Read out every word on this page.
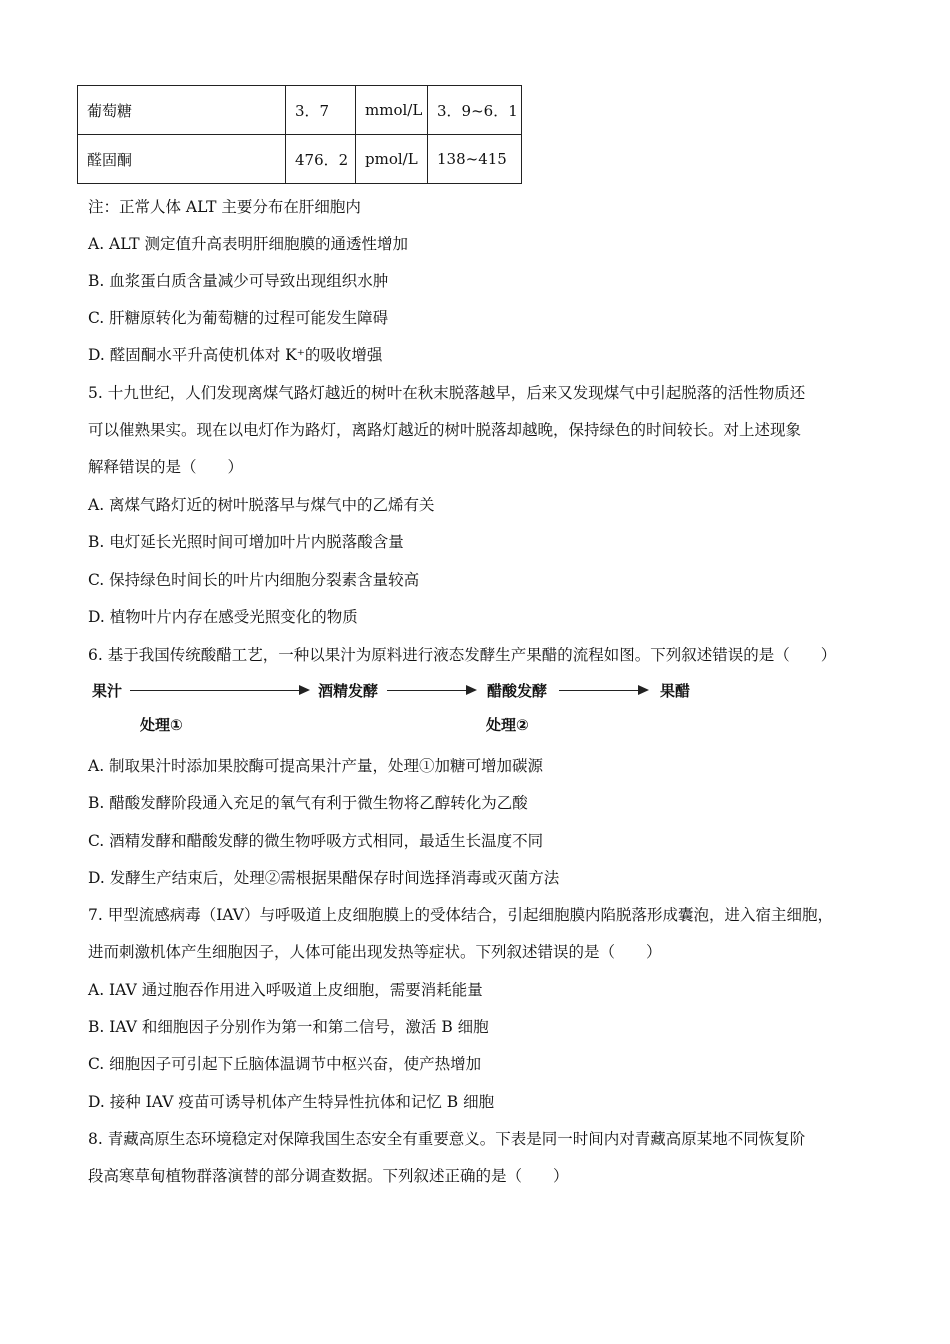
葡萄糖	3．7	mmol/L	3．9~6．1
醛固酮	476．2	pmol/L	138~415
注：正常人体 ALT 主要分布在肝细胞内
A. ALT 测定值升高表明肝细胞膜的通透性增加
B. 血浆蛋白质含量减少可导致出现组织水肿
C. 肝糖原转化为葡萄糖的过程可能发生障碍
D. 醛固酮水平升高使机体对 K⁺的吸收增强
5. 十九世纪，人们发现离煤气路灯越近的树叶在秋末脱落越早，后来又发现煤气中引起脱落的活性物质还
可以催熟果实。现在以电灯作为路灯，离路灯越近的树叶脱落却越晚，保持绿色的时间较长。对上述现象
解释错误的是（　　）
A. 离煤气路灯近的树叶脱落早与煤气中的乙烯有关
B. 电灯延长光照时间可增加叶片内脱落酸含量
C. 保持绿色时间长的叶片内细胞分裂素含量较高
D. 植物叶片内存在感受光照变化的物质
6. 基于我国传统酸醋工艺，一种以果汁为原料进行液态发酵生产果醋的流程如图。下列叙述错误的是（　　）
果汁	酒精发酵	醋酸发酵	果醋
处理①	处理②
A. 制取果汁时添加果胶酶可提高果汁产量，处理①加糖可增加碳源
B. 醋酸发酵阶段通入充足的氧气有利于微生物将乙醇转化为乙酸
C. 酒精发酵和醋酸发酵的微生物呼吸方式相同，最适生长温度不同
D. 发酵生产结束后，处理②需根据果醋保存时间选择消毒或灭菌方法
7. 甲型流感病毒（IAV）与呼吸道上皮细胞膜上的受体结合，引起细胞膜内陷脱落形成囊泡，进入宿主细胞，
进而刺激机体产生细胞因子，人体可能出现发热等症状。下列叙述错误的是（　　）
A. IAV 通过胞吞作用进入呼吸道上皮细胞，需要消耗能量
B. IAV 和细胞因子分别作为第一和第二信号，激活 B 细胞
C. 细胞因子可引起下丘脑体温调节中枢兴奋，使产热增加
D. 接种 IAV 疫苗可诱导机体产生特异性抗体和记忆 B 细胞
8. 青藏高原生态环境稳定对保障我国生态安全有重要意义。下表是同一时间内对青藏高原某地不同恢复阶
段高寒草甸植物群落演替的部分调查数据。下列叙述正确的是（　　）
